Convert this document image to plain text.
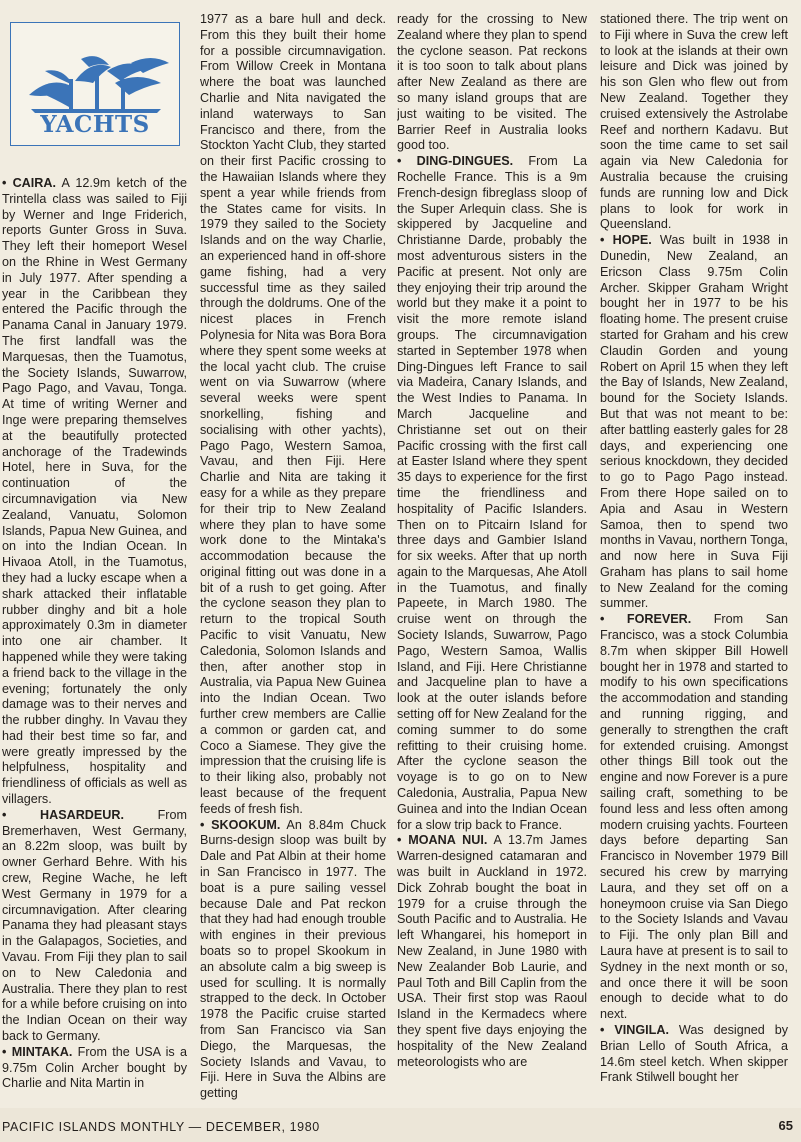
YACHTS

• CAIRA. A 12.9m ketch of the Trintella class was sailed to Fiji by Werner and Inge Friderich, reports Gunter Gross in Suva. They left their homeport Wesel on the Rhine in West Germany in July 1977. After spending a year in the Caribbean they entered the Pacific through the Panama Canal in January 1979. The first landfall was the Marquesas, then the Tuamotus, the Society Islands, Suwarrow, Pago Pago, and Vavau, Tonga. At time of writing Werner and Inge were preparing themselves at the beautifully protected anchorage of the Tradewinds Hotel, here in Suva, for the continuation of the circumnavigation via New Zealand, Vanuatu, Solomon Islands, Papua New Guinea, and on into the Indian Ocean. In Hivaoa Atoll, in the Tuamotus, they had a lucky escape when a shark attacked their inflatable rubber dinghy and bit a hole approximately 0.3m in diameter into one air chamber. It happened while they were taking a friend back to the village in the evening; fortunately the only damage was to their nerves and the rubber dinghy. In Vavau they had their best time so far, and were greatly impressed by the helpfulness, hospitality and friendliness of officials as well as villagers.

• HASARDEUR. From Bremerhaven, West Germany, an 8.22m sloop, was built by owner Gerhard Behre. With his crew, Regine Wache, he left West Germany in 1979 for a circumnavigation. After clearing Panama they had pleasant stays in the Galapagos, Societies, and Vavau. From Fiji they plan to sail on to New Caledonia and Australia. There they plan to rest for a while before cruising on into the Indian Ocean on their way back to Germany.

• MINTAKA. From the USA is a 9.75m Colin Archer bought by Charlie and Nita Martin in

1977 as a bare hull and deck. From this they built their home for a possible circumnavigation. From Willow Creek in Montana where the boat was launched Charlie and Nita navigated the inland waterways to San Francisco and there, from the Stockton Yacht Club, they started on their first Pacific crossing to the Hawaiian Islands where they spent a year while friends from the States came for visits. In 1979 they sailed to the Society Islands and on the way Charlie, an experienced hand in off-shore game fishing, had a very successful time as they sailed through the doldrums. One of the nicest places in French Polynesia for Nita was Bora Bora where they spent some weeks at the local yacht club. The cruise went on via Suwarrow (where several weeks were spent snorkelling, fishing and socialising with other yachts), Pago Pago, Western Samoa, Vavau, and then Fiji. Here Charlie and Nita are taking it easy for a while as they prepare for their trip to New Zealand where they plan to have some work done to the Mintaka's accommodation because the original fitting out was done in a bit of a rush to get going. After the cyclone season they plan to return to the tropical South Pacific to visit Vanuatu, New Caledonia, Solomon Islands and then, after another stop in Australia, via Papua New Guinea into the Indian Ocean. Two further crew members are Callie a common or garden cat, and Coco a Siamese. They give the impression that the cruising life is to their liking also, probably not least because of the frequent feeds of fresh fish.

• SKOOKUM. An 8.84m Chuck Burns-design sloop was built by Dale and Pat Albin at their home in San Francisco in 1977. The boat is a pure sailing vessel because Dale and Pat reckon that they had had enough trouble with engines in their previous boats so to propel Skookum in an absolute calm a big sweep is used for sculling. It is normally strapped to the deck. In October 1978 the Pacific cruise started from San Francisco via San Diego, the Marquesas, the Society Islands and Vavau, to Fiji. Here in Suva the Albins are getting

ready for the crossing to New Zealand where they plan to spend the cyclone season. Pat reckons it is too soon to talk about plans after New Zealand as there are so many island groups that are just waiting to be visited. The Barrier Reef in Australia looks good too.

• DING-DINGUES. From La Rochelle France. This is a 9m French-design fibreglass sloop of the Super Arlequin class. She is skippered by Jacqueline and Christianne Darde, probably the most adventurous sisters in the Pacific at present. Not only are they enjoying their trip around the world but they make it a point to visit the more remote island groups. The circumnavigation started in September 1978 when Ding-Dingues left France to sail via Madeira, Canary Islands, and the West Indies to Panama. In March Jacqueline and Christianne set out on their Pacific crossing with the first call at Easter Island where they spent 35 days to experience for the first time the friendliness and hospitality of Pacific Islanders. Then on to Pitcairn Island for three days and Gambier Island for six weeks. After that up north again to the Marquesas, Ahe Atoll in the Tuamotus, and finally Papeete, in March 1980. The cruise went on through the Society Islands, Suwarrow, Pago Pago, Western Samoa, Wallis Island, and Fiji. Here Christianne and Jacqueline plan to have a look at the outer islands before setting off for New Zealand for the coming summer to do some refitting to their cruising home. After the cyclone season the voyage is to go on to New Caledonia, Australia, Papua New Guinea and into the Indian Ocean for a slow trip back to France.

• MOANA NUI. A 13.7m James Warren-designed catamaran and was built in Auckland in 1972. Dick Zohrab bought the boat in 1979 for a cruise through the South Pacific and to Australia. He left Whangarei, his homeport in New Zealand, in June 1980 with New Zealander Bob Laurie, and Paul Toth and Bill Caplin from the USA. Their first stop was Raoul Island in the Kermadecs where they spent five days enjoying the hospitality of the New Zealand meteorologists who are

stationed there. The trip went on to Fiji where in Suva the crew left to look at the islands at their own leisure and Dick was joined by his son Glen who flew out from New Zealand. Together they cruised extensively the Astrolabe Reef and northern Kadavu. But soon the time came to set sail again via New Caledonia for Australia because the cruising funds are running low and Dick plans to look for work in Queensland.

• HOPE. Was built in 1938 in Dunedin, New Zealand, an Ericson Class 9.75m Colin Archer. Skipper Graham Wright bought her in 1977 to be his floating home. The present cruise started for Graham and his crew Claudin Gorden and young Robert on April 15 when they left the Bay of Islands, New Zealand, bound for the Society Islands. But that was not meant to be: after battling easterly gales for 28 days, and experiencing one serious knockdown, they decided to go to Pago Pago instead. From there Hope sailed on to Apia and Asau in Western Samoa, then to spend two months in Vavau, northern Tonga, and now here in Suva Fiji Graham has plans to sail home to New Zealand for the coming summer.

• FOREVER. From San Francisco, was a stock Columbia 8.7m when skipper Bill Howell bought her in 1978 and started to modify to his own specifications the accommodation and standing and running rigging, and generally to strengthen the craft for extended cruising. Amongst other things Bill took out the engine and now Forever is a pure sailing craft, something to be found less and less often among modern cruising yachts. Fourteen days before departing San Francisco in November 1979 Bill secured his crew by marrying Laura, and they set off on a honeymoon cruise via San Diego to the Society Islands and Vavau to Fiji. The only plan Bill and Laura have at present is to sail to Sydney in the next month or so, and once there it will be soon enough to decide what to do next.

• VINGILA. Was designed by Brian Lello of South Africa, a 14.6m steel ketch. When skipper Frank Stilwell bought her

PACIFIC ISLANDS MONTHLY — DECEMBER, 1980	65
